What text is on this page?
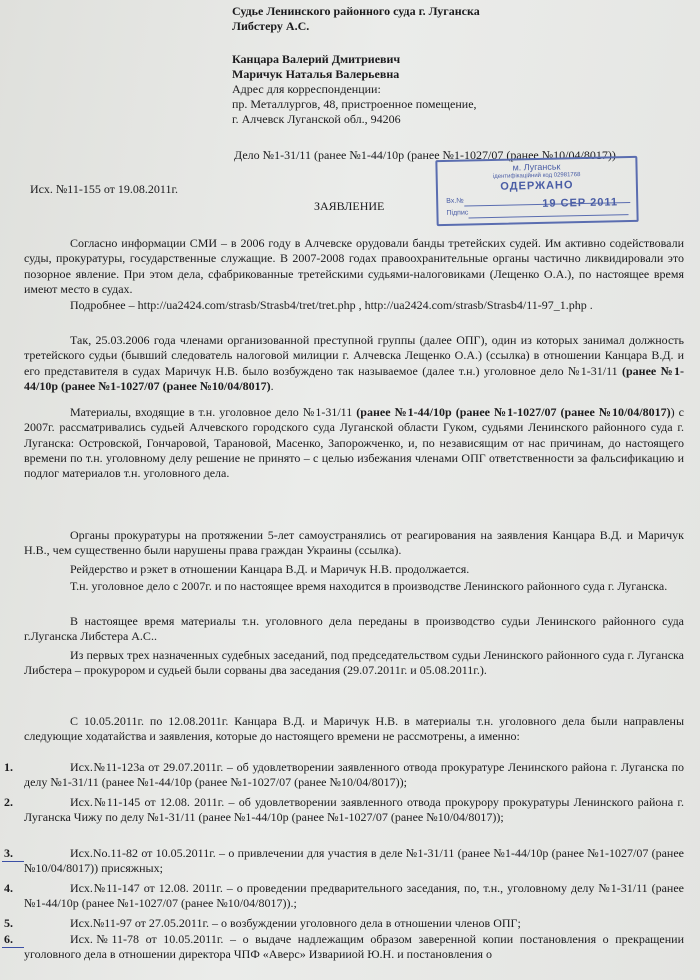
Судье Ленинского районного суда г. Луганска
Либстеру А.С.
Канцара Валерий Дмитриевич
Маричук Наталья Валерьевна
Адрес для корреспонденции:
пр. Металлургов, 48, пристроенное помещение,
г. Алчевск Луганской обл., 94206
Дело №1-31/11 (ранее №1-44/10р (ранее №1-1027/07 (ранее №10/04/8017))
Исх. №11-155 от 19.08.2011г.
ЗАЯВЛЕНИЕ
м. Луганськ
ідентифікаційний код 02981768
ОДЕРЖАНО
Вх.№
Підпис
19 СЕР 2011

Согласно информации СМИ – в 2006 году в Алчевске орудовали банды третейских судей. Им активно содействовали суды, прокуратуры, государственные служащие. В 2007-2008 годах правоохранительные органы частично ликвидировали это позорное явление. При этом дела, сфабрикованные третейскими судьями-налоговиками (Лещенко О.А.), по настоящее время имеют место в судах.

Подробнее – http://ua2424.com/strasb/Strasb4/tret/tret.php , http://ua2424.com/strasb/Strasb4/11-97_1.php .

Так, 25.03.2006 года членами организованной преступной группы (далее ОПГ), один из которых занимал должность третейского судьи (бывший следователь налоговой милиции г. Алчевска Лещенко О.А.) (ссылка) в отношении Канцара В.Д. и его представителя в судах Маричук Н.В. было возбуждено так называемое (далее т.н.) уголовное дело №1-31/11 (ранее №1-44/10р (ранее №1-1027/07 (ранее №10/04/8017).

Материалы, входящие в т.н. уголовное дело №1-31/11 (ранее №1-44/10р (ранее №1-1027/07 (ранее №10/04/8017)) с 2007г. рассматривались судьей Алчевского городского суда Луганской области Гуком, судьями Ленинского районного суда г. Луганска: Островской, Гончаровой, Тарановой, Масенко, Запорожченко, и, по независящим от нас причинам, до настоящего времени по т.н. уголовному делу решение не принято – с целью избежания членами ОПГ ответственности за фальсификацию и подлог материалов т.н. уголовного дела.

Органы прокуратуры на протяжении 5-лет самоустранялись от реагирования на заявления Канцара В.Д. и Маричук Н.В., чем существенно были нарушены права граждан Украины (ссылка).

Рейдерство и рэкет в отношении Канцара В.Д. и Маричук Н.В. продолжается.

Т.н. уголовное дело с 2007г. и по настоящее время находится в производстве Ленинского районного суда г. Луганска.

В настоящее время материалы т.н. уголовного дела переданы в производство судьи Ленинского районного суда г.Луганска Либстера А.С..

Из первых трех назначенных судебных заседаний, под председательством судьи Ленинского районного суда г. Луганска Либстера – прокурором и судьей были сорваны два заседания (29.07.2011г. и 05.08.2011г.).

С 10.05.2011г. по 12.08.2011г. Канцара В.Д. и Маричук Н.В. в материалы т.н. уголовного дела были направлены следующие ходатайства и заявления, которые до настоящего времени не рассмотрены, а именно:

1.	Исх.№11-123а от 29.07.2011г. – об удовлетворении заявленного отвода прокуратуре Ленинского района г. Луганска по делу №1-31/11 (ранее №1-44/10р (ранее №1-1027/07 (ранее №10/04/8017));

2.	Исх.№11-145 от 12.08. 2011г. – об удовлетворении заявленного отвода прокурору прокуратуры Ленинского района г. Луганска Чижу по делу №1-31/11 (ранее №1-44/10р (ранее №1-1027/07 (ранее №10/04/8017));

3.	Исх.No.11-82 от 10.05.2011г. – о привлечении для участия в деле №1-31/11 (ранее №1-44/10р (ранее №1-1027/07 (ранее №10/04/8017)) присяжных;

4.	Исх.№11-147 от 12.08. 2011г. – о проведении предварительного заседания, по, т.н., уголовному делу №1-31/11 (ранее №1-44/10р (ранее №1-1027/07 (ранее №10/04/8017)).;

5.	Исх.№11-97 от 27.05.2011г. – о возбуждении уголовного дела в отношении членов ОПГ;

6.	Исх.№11-78 от 10.05.2011г. – о выдаче надлежащим образом заверенной копии постановления о прекращении уголовного дела в отношении директора ЧПФ «Аверс» Изварииой Ю.Н. и постановления о
